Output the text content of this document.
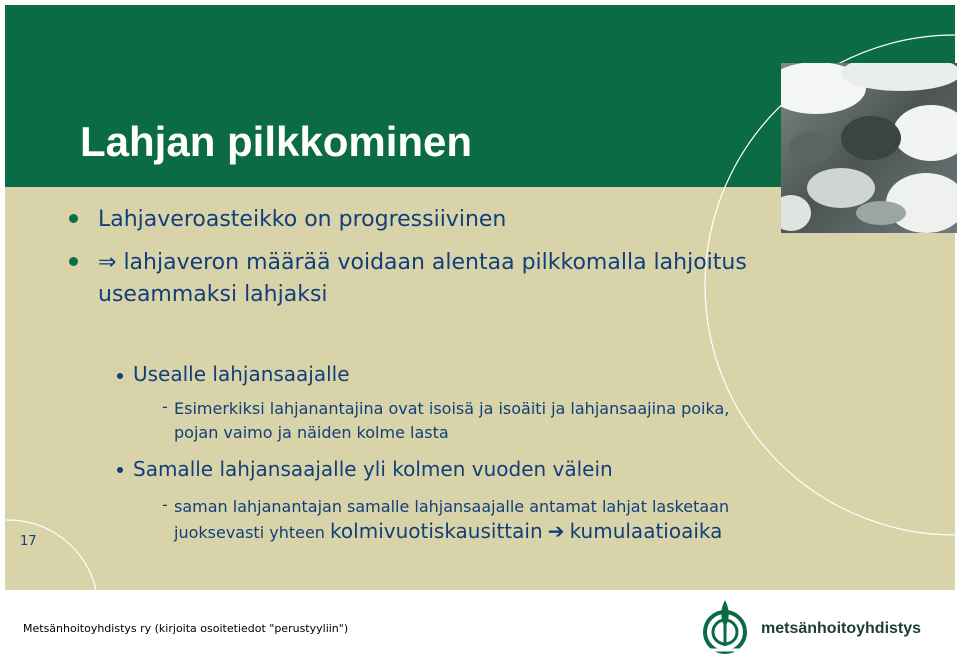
Lahjan pilkkominen
Lahjaveroasteikko on progressiivinen
⇒ lahjaveron määrää voidaan alentaa pilkkomalla lahjoitus
useammaksi lahjaksi
Usealle lahjansaajalle
- Esimerkiksi lahjanantajina ovat isoisä ja isoäiti ja lahjansaajina poika,
pojan vaimo ja näiden kolme lasta
Samalle lahjansaajalle yli kolmen vuoden välein
- saman lahjanantajan samalle lahjansaajalle antamat lahjat lasketaan
juoksevasti yhteen kolmivuotiskausittain ➔ kumulaatioaika
17
Metsänhoitoyhdistys ry (kirjoita osoitetiedot "perustyyliin")	metsänhoitoyhdistys
